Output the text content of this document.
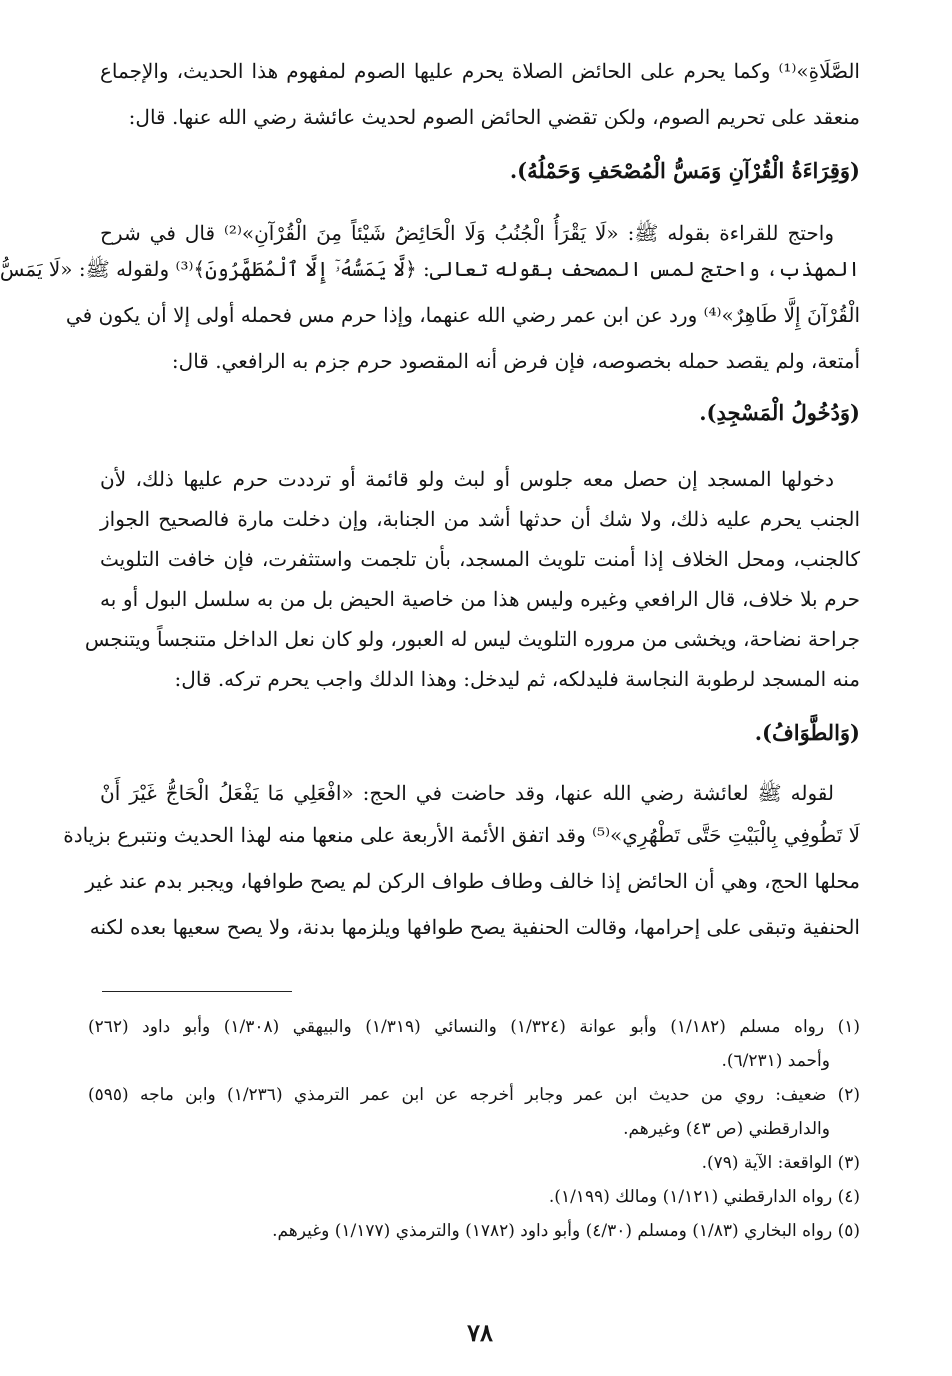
الصَّلَاةِ»⁽¹⁾ وكما يحرم على الحائض الصلاة يحرم عليها الصوم لمفهوم هذا الحديث، والإجماع
منعقد على تحريم الصوم، ولكن تقضي الحائض الصوم لحديث عائشة رضي الله عنها. قال:
(وَقِرَاءَةُ الْقُرْآنِ وَمَسُّ الْمُصْحَفِ وَحَمْلُهُ).
واحتج للقراءة بقوله ﷺ: «لَا يَقْرَأُ الْجُنُبُ وَلَا الْحَائِضُ شَيْئاً مِنَ الْقُرْآنِ»⁽²⁾ قال في شرح
المهذب، واحتج لمس المصحف بقوله تعالى: ﴿لَّا يَمَسُّهُۥٓ إِلَّا ٱلْمُطَهَّرُونَ﴾⁽³⁾ ولقوله ﷺ: «لَا يَمَسُّ
الْقُرْآنَ إِلَّا طَاهِرٌ»⁽⁴⁾ ورد عن ابن عمر رضي الله عنهما، وإذا حرم مس فحمله أولى إلا أن يكون في
أمتعة، ولم يقصد حمله بخصوصه، فإن فرض أنه المقصود حرم جزم به الرافعي. قال:
(وَدُخُولُ الْمَسْجِدِ).
دخولها المسجد إن حصل معه جلوس أو لبث ولو قائمة أو ترددت حرم عليها ذلك، لأن
الجنب يحرم عليه ذلك، ولا شك أن حدثها أشد من الجنابة، وإن دخلت مارة فالصحيح الجواز
كالجنب، ومحل الخلاف إذا أمنت تلويث المسجد، بأن تلجمت واستثفرت، فإن خافت التلويث
حرم بلا خلاف، قال الرافعي وغيره وليس هذا من خاصية الحيض بل من به سلسل البول أو به
جراحة نضاحة، ويخشى من مروره التلويث ليس له العبور، ولو كان نعل الداخل متنجساً ويتنجس
منه المسجد لرطوبة النجاسة فليدلكه، ثم ليدخل: وهذا الدلك واجب يحرم تركه. قال:
(وَالطَّوَافُ).
لقوله ﷺ لعائشة رضي الله عنها، وقد حاضت في الحج: «افْعَلِي مَا يَفْعَلُ الْحَاجُّ غَيْرَ أَنْ
لَا تَطُوفِي بِالْبَيْتِ حَتَّى تَطْهُرِي»⁽⁵⁾ وقد اتفق الأئمة الأربعة على منعها منه لهذا الحديث ونتبرع بزيادة
محلها الحج، وهي أن الحائض إذا خالف وطاف طواف الركن لم يصح طوافها، ويجبر بدم عند غير
الحنفية وتبقى على إحرامها، وقالت الحنفية يصح طوافها ويلزمها بدنة، ولا يصح سعيها بعده لكنه
(١) رواه مسلم (١/١٨٢) وأبو عوانة (١/٣٢٤) والنسائي (١/٣١٩) والبيهقي (١/٣٠٨) وأبو داود (٢٦٢)
وأحمد (٦/٢٣١).
(٢) ضعيف: روي من حديث ابن عمر وجابر أخرجه عن ابن عمر الترمذي (١/٢٣٦) وابن ماجه (٥٩٥)
والدارقطني (ص ٤٣) وغيرهم.
(٣) الواقعة: الآية (٧٩).
(٤) رواه الدارقطني (١/١٢١) ومالك (١/١٩٩).
(٥) رواه البخاري (١/٨٣) ومسلم (٤/٣٠) وأبو داود (١٧٨٢) والترمذي (١/١٧٧) وغيرهم.
٧٨
